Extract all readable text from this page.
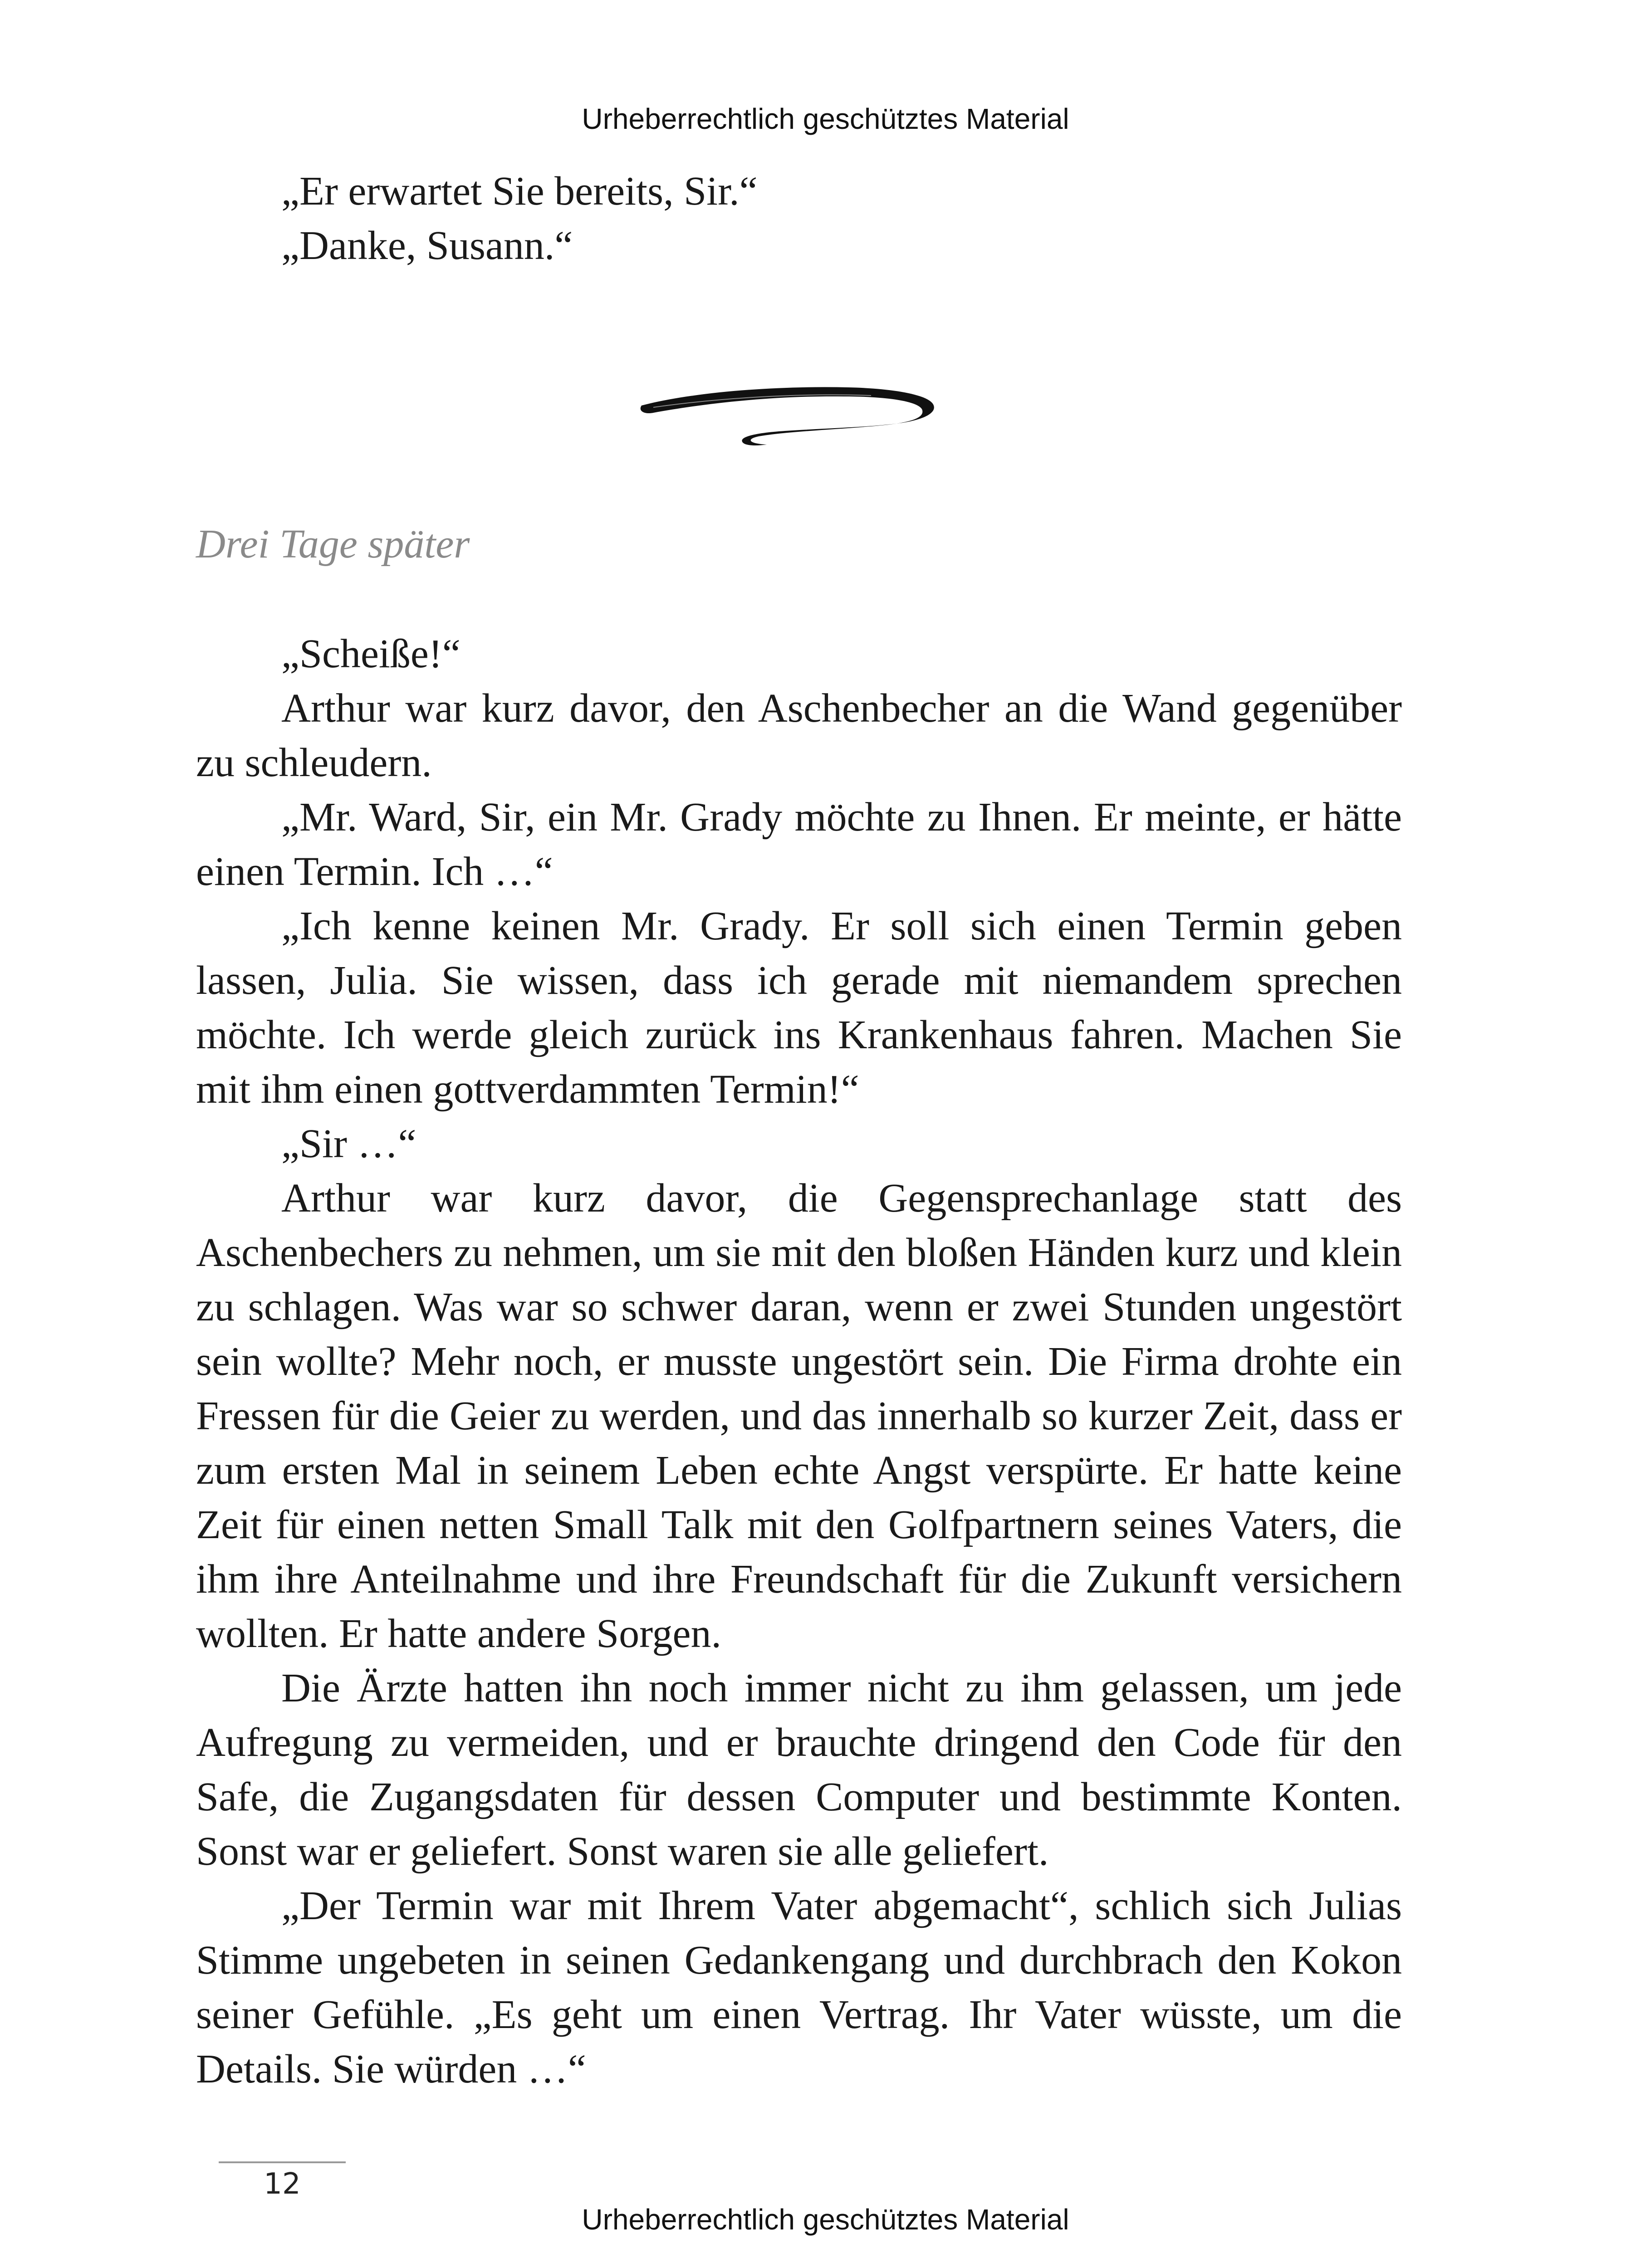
Urheberrechtlich geschütztes Material

„Er erwartet Sie bereits, Sir.“

„Danke, Susann.“

Drei Tage später

„Scheiße!“

Arthur war kurz davor, den Aschenbecher an die Wand gegenüber zu schleudern.

„Mr. Ward, Sir, ein Mr. Grady möchte zu Ihnen. Er meinte, er hätte einen Termin. Ich …“

„Ich kenne keinen Mr. Grady. Er soll sich einen Termin geben lassen, Julia. Sie wissen, dass ich gerade mit niemandem sprechen möchte. Ich werde gleich zurück ins Krankenhaus fahren. Machen Sie mit ihm einen gottverdammten Termin!“

„Sir …“

Arthur war kurz davor, die Gegensprechanlage statt des Aschenbechers zu nehmen, um sie mit den bloßen Händen kurz und klein zu schlagen. Was war so schwer daran, wenn er zwei Stunden ungestört sein wollte? Mehr noch, er musste ungestört sein. Die Firma drohte ein Fressen für die Geier zu werden, und das innerhalb so kurzer Zeit, dass er zum ersten Mal in seinem Leben echte Angst verspürte. Er hatte keine Zeit für einen netten Small Talk mit den Golfpartnern seines Vaters, die ihm ihre Anteilnahme und ihre Freundschaft für die Zukunft versichern wollten. Er hatte andere Sorgen.

Die Ärzte hatten ihn noch immer nicht zu ihm gelassen, um jede Aufregung zu vermeiden, und er brauchte dringend den Code für den Safe, die Zugangsdaten für dessen Computer und bestimmte Konten. Sonst war er geliefert. Sonst waren sie alle geliefert.

„Der Termin war mit Ihrem Vater abgemacht“, schlich sich Julias Stimme ungebeten in seinen Gedankengang und durchbrach den Kokon seiner Gefühle. „Es geht um einen Vertrag. Ihr Vater wüsste, um die Details. Sie würden …“

12
Urheberrechtlich geschütztes Material
